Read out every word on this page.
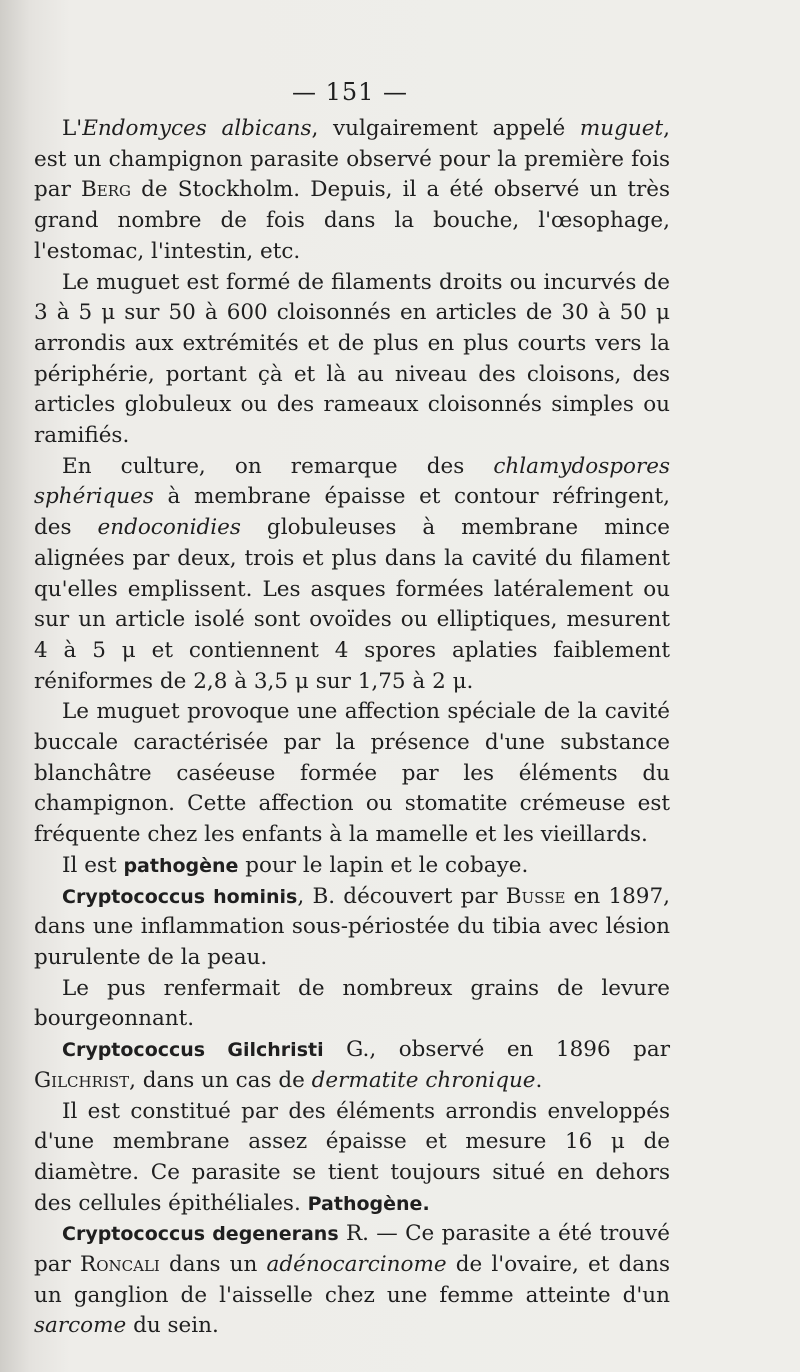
— 151 —

L'Endomyces albicans, vulgairement appelé muguet, est un champignon parasite observé pour la première fois par Berg de Stockholm. Depuis, il a été observé un très grand nombre de fois dans la bouche, l'œsophage, l'estomac, l'intestin, etc.

Le muguet est formé de filaments droits ou incurvés de 3 à 5 μ sur 50 à 600 cloisonnés en articles de 30 à 50 μ arrondis aux extrémités et de plus en plus courts vers la périphérie, portant çà et là au niveau des cloisons, des articles globuleux ou des rameaux cloisonnés simples ou ramifiés.

En culture, on remarque des chlamydospores sphériques à membrane épaisse et contour réfringent, des endoconidies globuleuses à membrane mince alignées par deux, trois et plus dans la cavité du filament qu'elles emplissent. Les asques formées latéralement ou sur un article isolé sont ovoïdes ou elliptiques, mesurent 4 à 5 μ et contiennent 4 spores aplaties faiblement réniformes de 2,8 à 3,5 μ sur 1,75 à 2 μ.

Le muguet provoque une affection spéciale de la cavité buccale caractérisée par la présence d'une substance blanchâtre caséeuse formée par les éléments du champignon. Cette affection ou stomatite crémeuse est fréquente chez les enfants à la mamelle et les vieillards.

Il est pathogène pour le lapin et le cobaye.

Cryptococcus hominis, B. découvert par Busse en 1897, dans une inflammation sous-périostée du tibia avec lésion purulente de la peau.

Le pus renfermait de nombreux grains de levure bourgeonnant.

Cryptococcus Gilchristi G., observé en 1896 par Gilchrist, dans un cas de dermatite chronique.

Il est constitué par des éléments arrondis enveloppés d'une membrane assez épaisse et mesure 16 μ de diamètre. Ce parasite se tient toujours situé en dehors des cellules épithéliales. Pathogène.

Cryptococcus degenerans R. — Ce parasite a été trouvé par Roncali dans un adénocarcinome de l'ovaire, et dans un ganglion de l'aisselle chez une femme atteinte d'un sarcome du sein.
